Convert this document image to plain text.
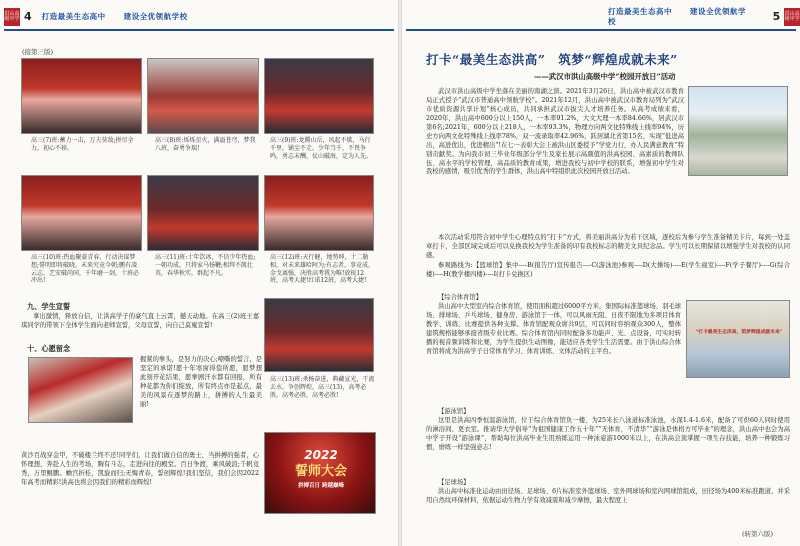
洪山高级中学 4 打造最美生态高中 建设全优领航学校
(接第三版)
高三(7)班:蓄力一击，万夫莫敌;拼尽全力，初心不移。
高三(8)班:烁烁星火，满溢苍穹，梦我八班，奋勇争瑞!
高三(9)班:龙腾山岳，风起不歇，马行千里，铺尘不走。少年当千，不畏争鸣，勇志未酬，仗山破海，定为人先。
高三(10)班:热血聚豪青春，行动决谋梦想;誓明即将破晓，未来究竟今朝;鹏有凌云志，艺安破尚同，千年磨一剑，十班必冲出!
高三(11)班:十年饮冰，不信少年热血;一朝功成，只将家马扬鞭;相拜不凯壮英，春华秋实，群起不凡。
高三(12)班:天行健，地势坤，十二勒相，对未来雄哈阿为;有志者，事竟成，金戈离强，决胜高考我为唯!放锐12班，高考大捷!红诺12班，高考大捷!
高三(13)班:杀杨奋进，典藏宣光，干流去水，争创辉煌，高三(13)，高考必胜，高考必胜，高考必胜!
九、学生宣誓
拿出激情，释放自信，让洪高学子的豪气直上云霄，撼天动地。在高三(2)班王嘉琪同学的带领下全体学生面向老师宣誓，父母宣誓，向自己莫嵬宣誓!
十、心愿留念
握紧的拳头，是努力的决心;嘹嘶的誓言，是坚定的承诺!愿十年寒窗得偿所愿，愿梦想此刻开花结果，愿拳剧汗水都有回报，所有种花都为你们绽放，所有终点亦是起点，最美的风景在逐梦的路上，拼搏的人生最美丽!
黄沙百战穿金甲，不破楼兰终不还!同学们，让我们做自信的勇士，当拼搏的强者，心怀理想，奔赴人生的考场，胸有斗志，走进向往的殿堂。百日争渡，乘风破浪;千帆竞秀，万里鲲鹏。蟾宫折桂，凯旋而归;无悔青春，誓创辉煌!我们坚信，我们会因2022年高考而精彩!洪高也将会因我们的精彩而辉煌!
2022
誓师大会
拼搏百日 跨越巅峰
打造最美生态高中 建设全优领航学校	5 洪山高级中学
打卡“最美生态洪高”　筑梦“辉煌成就未来”
——武汉市洪山高级中学“校园开放日”活动
武汉市洪山高级中学坐落在美丽的南湖之滨。2021年3月26日，洪山高中被武汉市教育局正式授予“武汉市普通高中领航学校”。2021年12月，洪山高中被武汉市教育局列为“武汉市优质资源共享计划”核心成员，共同承担武汉市拔尖人才培养任务。从高考成绩来看，2020年，洪山高中600分以上150人，一本率91.2%，大文大理一本率84.66%，居武汉市第6名;2021年，600分以上218人，一本率93.3%，物理方向两文化特殊线上线率94%，历史方向两文化特殊线上线率78%，双一流录取率42.96%，跃居湖北省第15名，实现“低进高出，高进优出，优进精出”!在七一表彰大会上被洪山区委授予“学党力行，办人民满意教育”特别贡献奖。为向我市初三毕业年级部分学生及家长展示高颜值的洪高校园、高素质的教师队伍、高水平的学校管理，高品质的教育成果，增进我校与初中学校的联系，增强初中学生对我校的感情，吸引优秀的学生群体，洪山高中特组织此次校园开放日活动。
本次活动采用符合初中学生心理特点的“打卡”方式，将美丽洪高分为若干区域，逐校后为参与学生准备精美卡片，每到一处盖章打卡，全部区域完成后可以兑换我校为学生准备的印有我校标志的精美文具纪念品。学生可以长期保留以增强学生对我校的认同感。
参观路线为:【篮球馆】集中----B(报告厅)宣传报告----C(游泳池)参观----D(大操场)----E(学生寝室)----F(学子餐厅)----G(综合楼)----H(教学楼四楼)----I(打卡兑换区)
【综合体育馆】
洪山高中大型室内综合体育馆，使用面积超过6000平方米，集国际标准篮球场、羽毛球场、排球场、乒乓球场、健身房、游泳馆于一体，可以风雨无阻、日夜不限地为多项目体育教学、训练、比赛提供各种支撑。体育馆配观众席共9层，可以同时容纳观众300人，整体建筑规格能够承接省级专业比赛。综合体育馆内同时配备多功能声、光、点设备，可实时转播的视音频训练和比赛，为学生提供生动图像，能适应各类学生生活需要。由于洪山综合体育馆将成为洪高学子日常体育学习、体育训练、文体活动的主平台。
“打卡最美生态洪高，筑梦辉煌成就未来”
【游泳馆】
这里是洪高四季恒温游泳馆，位于综合体育馆负一楼，为25米长八泳道标准泳池，水深1.4-1.6米，配备了可供60人同时使用的淋浴间、更衣室。推请华大学倡导“为祖国健康工作五十年”“无体育，不清华”“游泳是体格方可毕业”的理念，洪山高中也会为高中学子开设“游泳课”，帮助每位洪高毕业生用熟练运用一种泳姿游1000米以上，在洪高会顶掌握一项生存技能，培养一种锻炼习惯，磨练一样坚强意志!
【足球场】
洪山高中标准化运动由田径场、足球场、6片标准室外篮球场、室外网球场和室内网球馆组成，田径场为400米标准跑道，并采用自然纹环保材料，依据运动生物力学有效减震和减少摩擦，最大程度上
(转第六版)
